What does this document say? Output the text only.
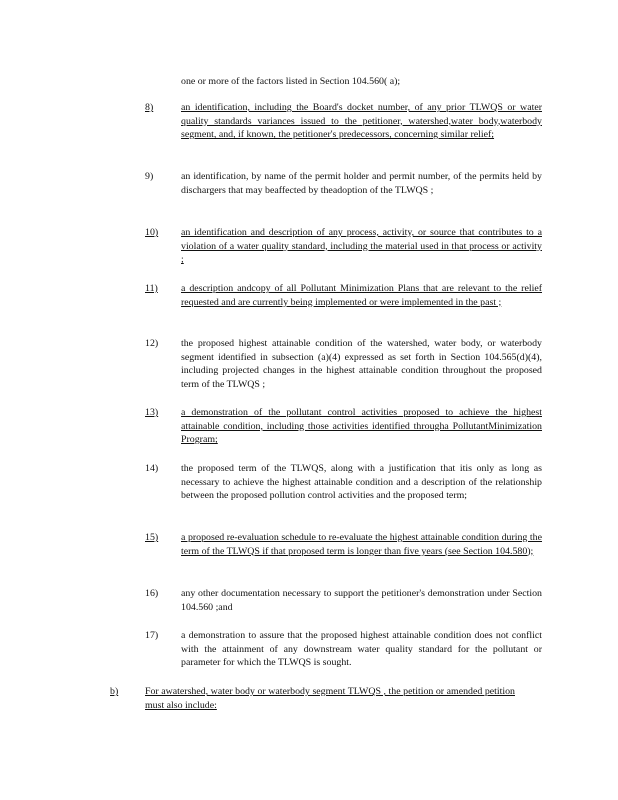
one or more of the factors listed in Section 104.560( a);
8)	an identification, including the Board's docket number, of any prior TLWQS or water quality standards variances issued to the petitioner, watershed,water body,waterbody segment, and, if known, the petitioner's predecessors, concerning similar relief;
9)	an identification, by name of the permit holder and permit number, of the permits held by dischargers that may beaffected by theadoption of the TLWQS ;
10) an identification and description of any process, activity, or source that contributes to a violation of a water quality standard, including the material used in that process or activity ;
11) a description andcopy of all Pollutant Minimization Plans that are relevant to the relief requested and are currently being implemented or were implemented in the past ;
12) the proposed highest attainable condition of the watershed, water body, or waterbody segment identified in subsection (a)(4) expressed as set forth in Section 104.565(d)(4), including projected changes in the highest attainable condition throughout the proposed term of the TLWQS ;
13) a demonstration of the pollutant control activities proposed to achieve the highest attainable condition, including those activities identified througha PollutantMinimization Program;
14) the proposed term of the TLWQS, along with a justification that itis only as long as necessary to achieve the highest attainable condition and a description of the relationship between the proposed pollution control activities and the proposed term;
15) a proposed re-evaluation schedule to re-evaluate the highest attainable condition during the term of the TLWQS if that proposed term is longer than five years (see Section 104.580);
16) any other documentation necessary to support the petitioner's demonstration under Section 104.560 ;and
17) a demonstration to assure that the proposed highest attainable condition does not conflict with the attainment of any downstream water quality standard for the pollutant or parameter for which the TLWQS is sought.
b)	For awatershed, water body or waterbody segment TLWQS , the petition or amended petition must also include:
